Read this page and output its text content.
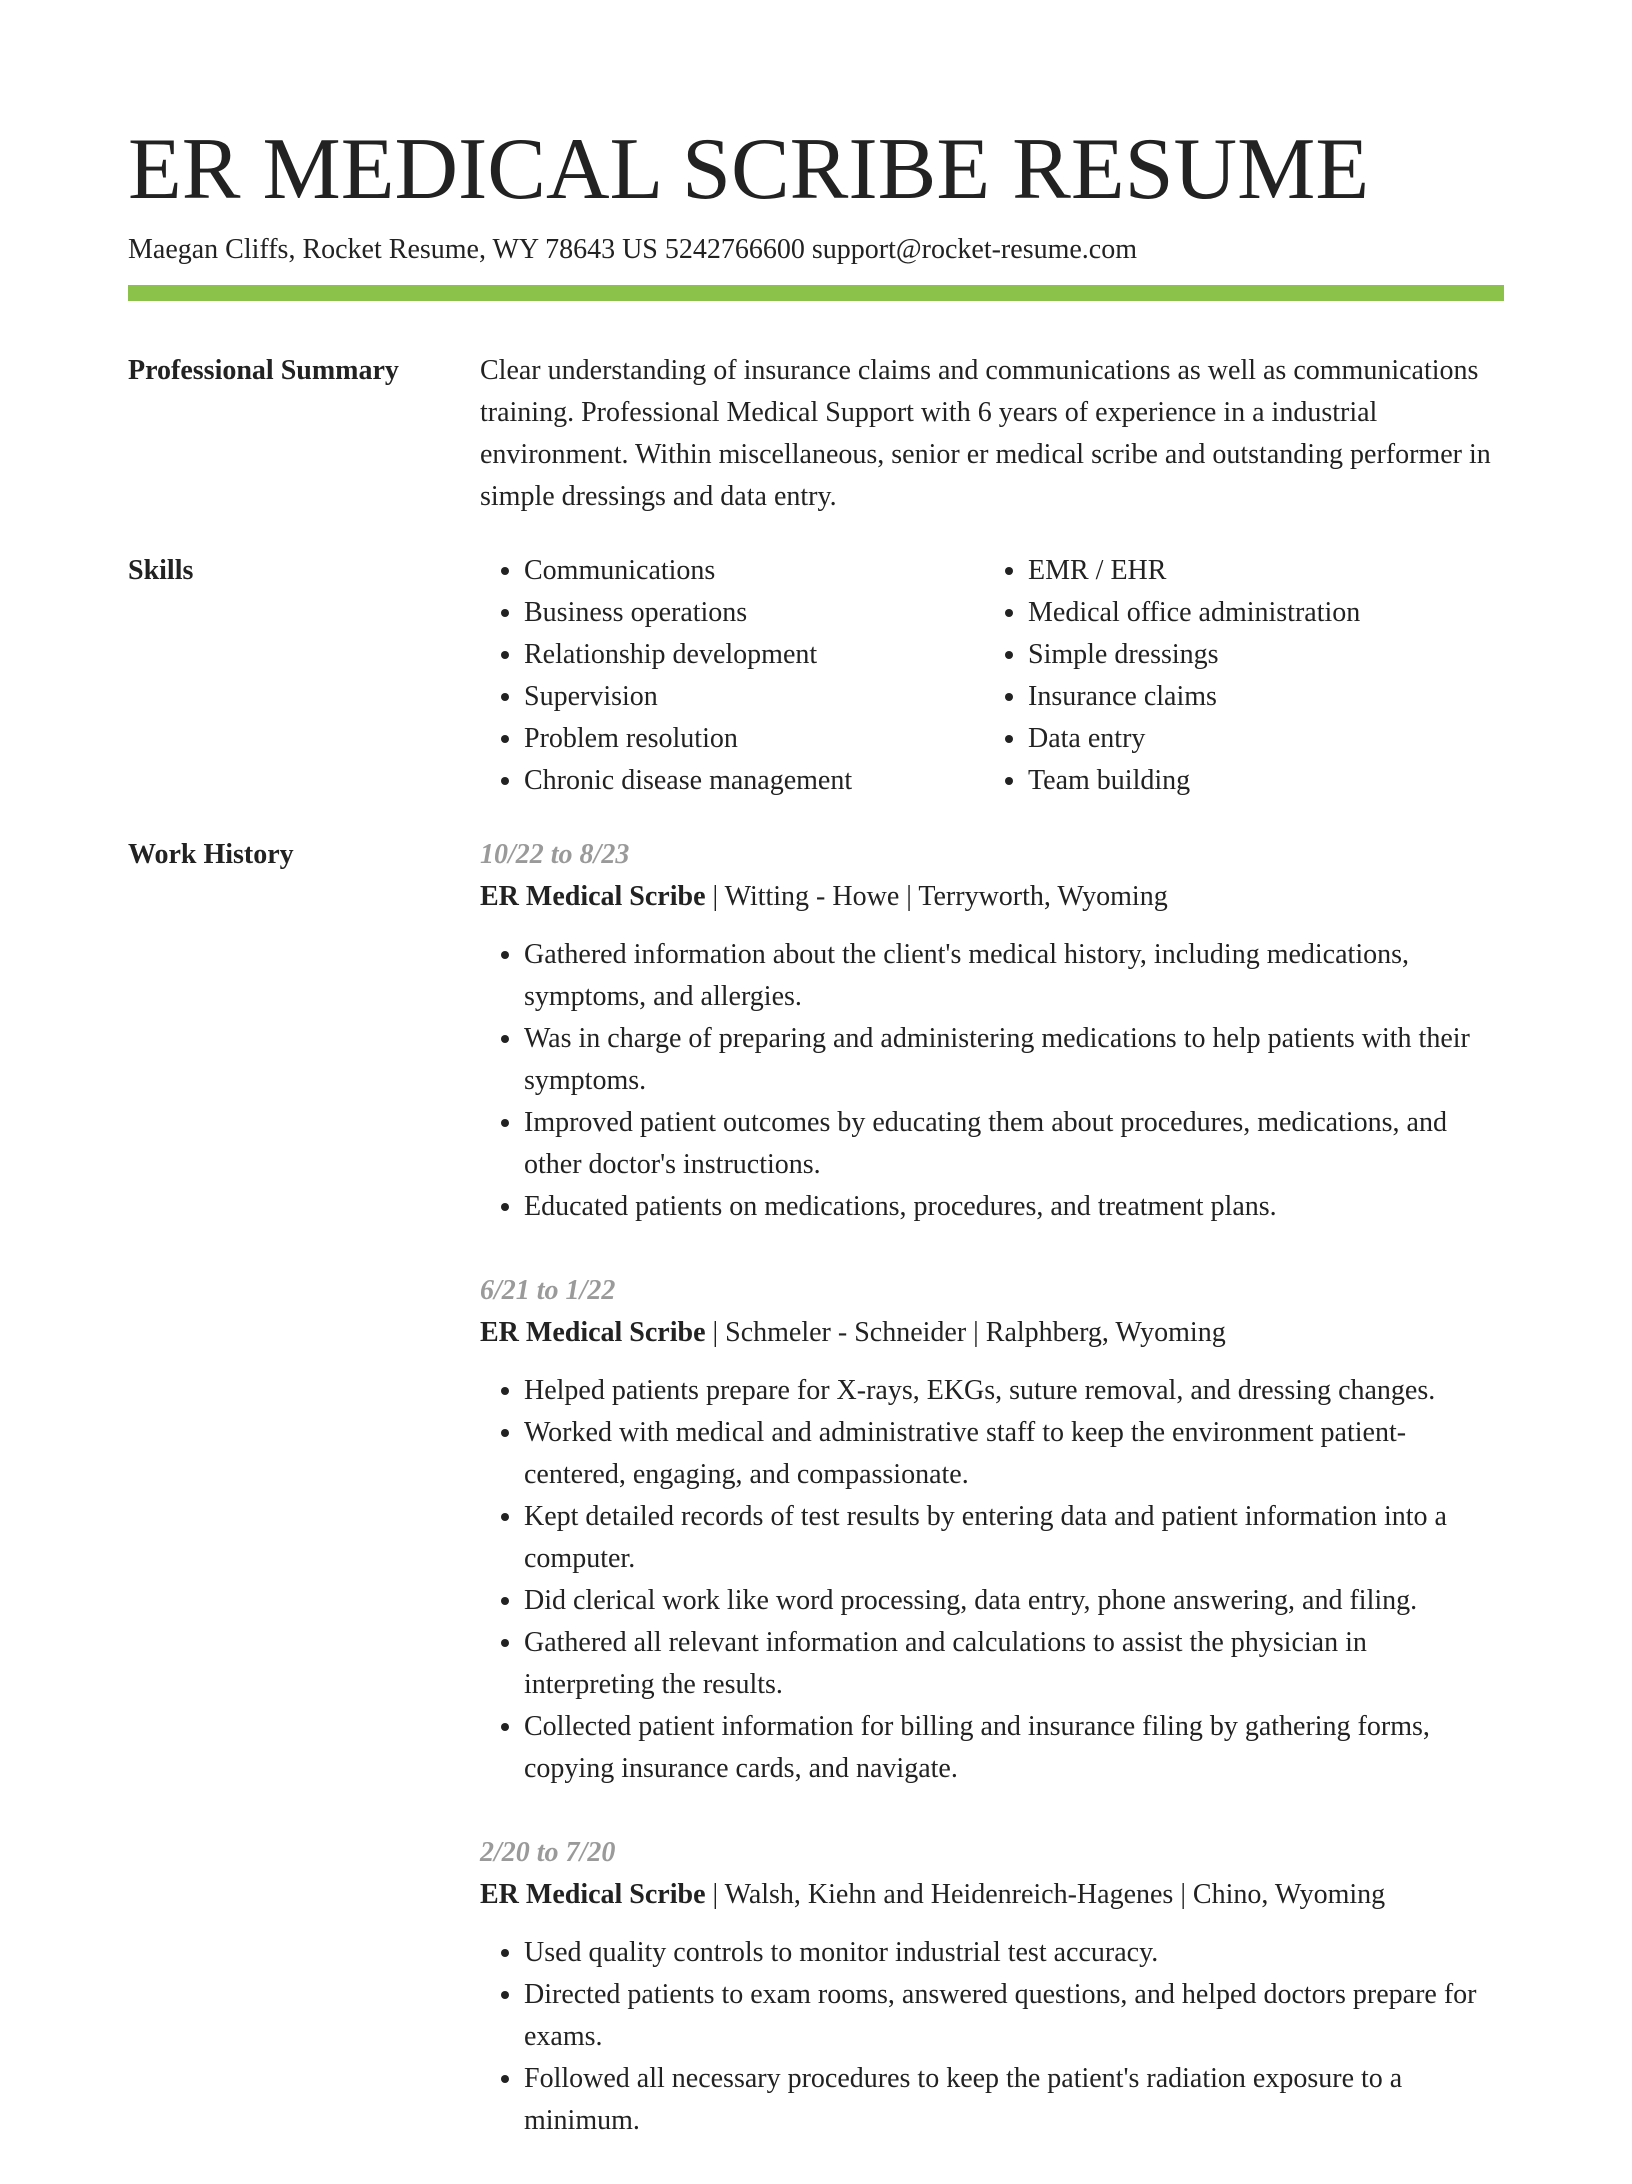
ER MEDICAL SCRIBE RESUME
Maegan Cliffs, Rocket Resume, WY 78643 US 5242766600 support@rocket-resume.com
Professional Summary	Clear understanding of insurance claims and communications as well as communications training. Professional Medical Support with 6 years of experience in a industrial environment. Within miscellaneous, senior er medical scribe and outstanding performer in simple dressings and data entry.

Skills
•	Communications
• Business operations
• Relationship development
• Supervision
• Problem resolution
• Chronic disease management
• EMR / EHR
• Medical office administration
• Simple dressings
• Insurance claims
• Data entry
• Team building
Work History	10/22 to 8/23
ER Medical Scribe | Witting - Howe | Terryworth, Wyoming
• Gathered information about the client's medical history, including medications, symptoms, and allergies.
• Was in charge of preparing and administering medications to help patients with their symptoms.
• Improved patient outcomes by educating them about procedures, medications, and other doctor's instructions.
• Educated patients on medications, procedures, and treatment plans.
6/21 to 1/22
ER Medical Scribe | Schmeler - Schneider | Ralphberg, Wyoming
• Helped patients prepare for X-rays, EKGs, suture removal, and dressing changes.
• Worked with medical and administrative staff to keep the environment patient-centered, engaging, and compassionate.
• Kept detailed records of test results by entering data and patient information into a computer.
• Did clerical work like word processing, data entry, phone answering, and filing.
• Gathered all relevant information and calculations to assist the physician in interpreting the results.
• Collected patient information for billing and insurance filing by gathering forms, copying insurance cards, and navigate.
2/20 to 7/20
ER Medical Scribe | Walsh, Kiehn and Heidenreich-Hagenes | Chino, Wyoming
• Used quality controls to monitor industrial test accuracy.
• Directed patients to exam rooms, answered questions, and helped doctors prepare for exams.
• Followed all necessary procedures to keep the patient's radiation exposure to a minimum.
